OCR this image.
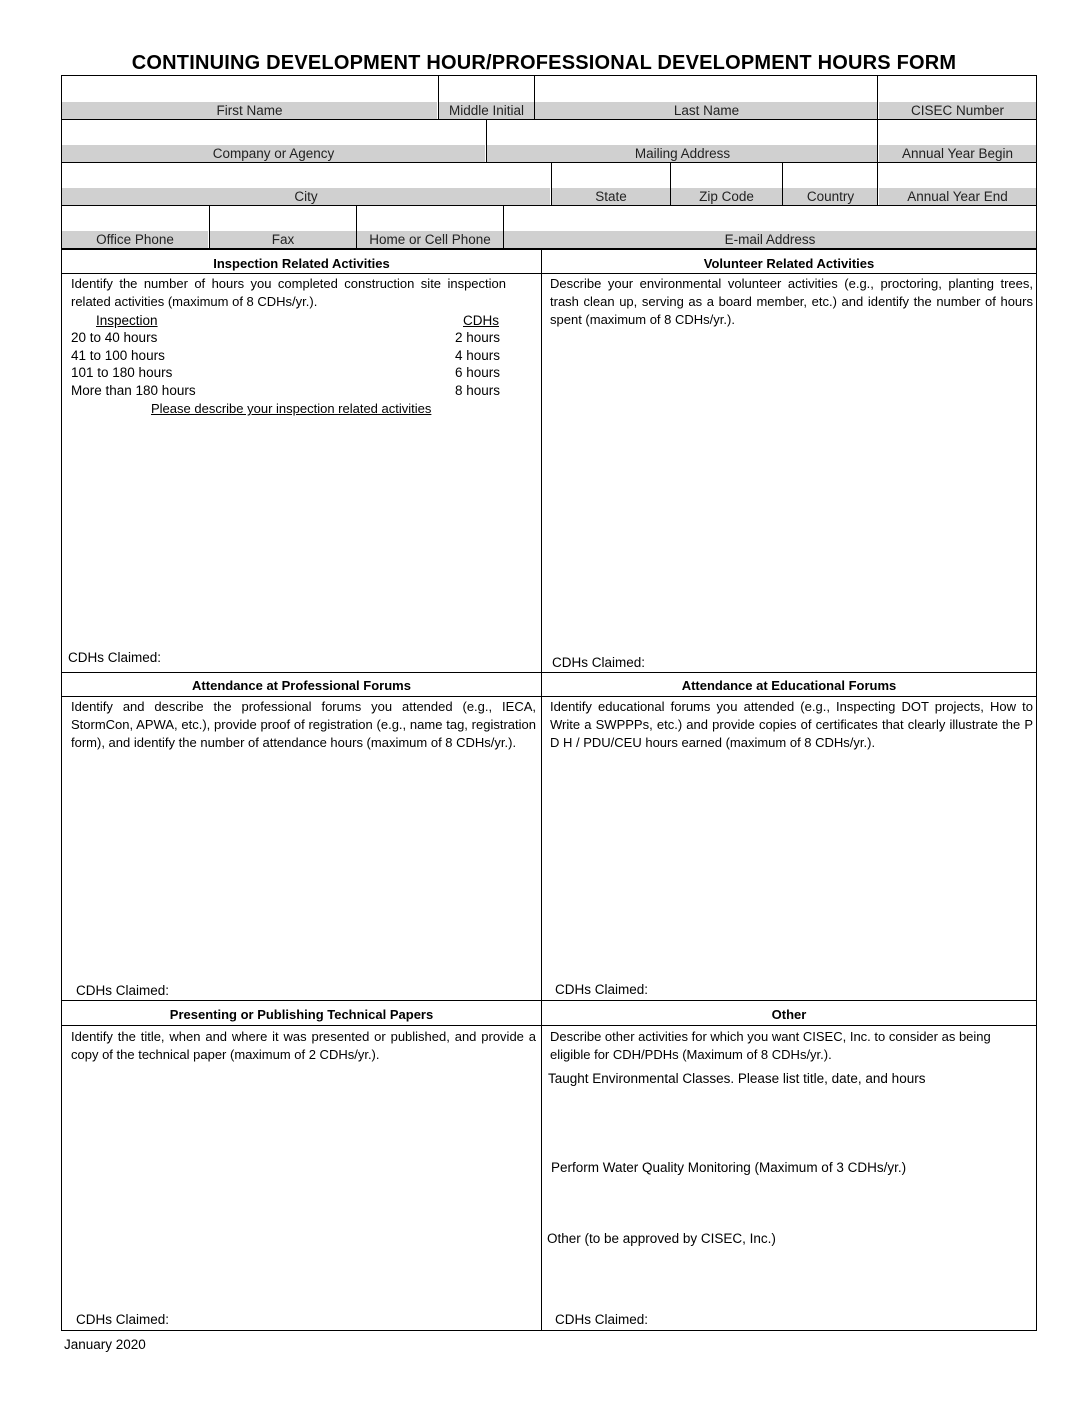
CONTINUING DEVELOPMENT HOUR/PROFESSIONAL DEVELOPMENT HOURS FORM
First Name	Middle Initial	Last Name	CISEC Number
Company or Agency	Mailing Address	Annual Year Begin
City	State	Zip Code	Country	Annual Year End
Office Phone	Fax	Home or Cell Phone	E-mail Address
Inspection Related Activities	Volunteer Related Activities
Identify the number of hours you completed construction site inspection related activities (maximum of 8 CDHs/yr.).
Inspection	CDHs
20 to 40 hours	2 hours
41 to 100 hours	4 hours
101 to 180 hours	6 hours
More than 180 hours	8 hours
Please describe your inspection related activities
CDHs Claimed:
Describe your environmental volunteer activities (e.g., proctoring, planting trees, trash clean up, serving as a board member, etc.) and identify the number of hours spent (maximum of 8 CDHs/yr.).
CDHs Claimed:
Attendance at Professional Forums	Attendance at Educational Forums
Identify and describe the professional forums you attended (e.g., IECA, StormCon, APWA, etc.), provide proof of registration (e.g., name tag, registration form), and identify the number of attendance hours (maximum of 8 CDHs/yr.).
CDHs Claimed:
Identify educational forums you attended (e.g., Inspecting DOT projects, How to Write a SWPPPs, etc.) and provide copies of certificates that clearly illustrate the P D H / PDU/CEU hours earned (maximum of 8 CDHs/yr.).
CDHs Claimed:
Presenting or Publishing Technical Papers	Other
Identify the title, when and where it was presented or published, and provide a copy of the technical paper (maximum of 2 CDHs/yr.).
CDHs Claimed:
Describe other activities for which you want CISEC, Inc. to consider as being eligible for CDH/PDHs (Maximum of 8 CDHs/yr.).
Taught Environmental Classes. Please list title, date, and hours
Perform Water Quality Monitoring (Maximum of 3 CDHs/yr.)
Other (to be approved by CISEC, Inc.)
CDHs Claimed:
January 2020
